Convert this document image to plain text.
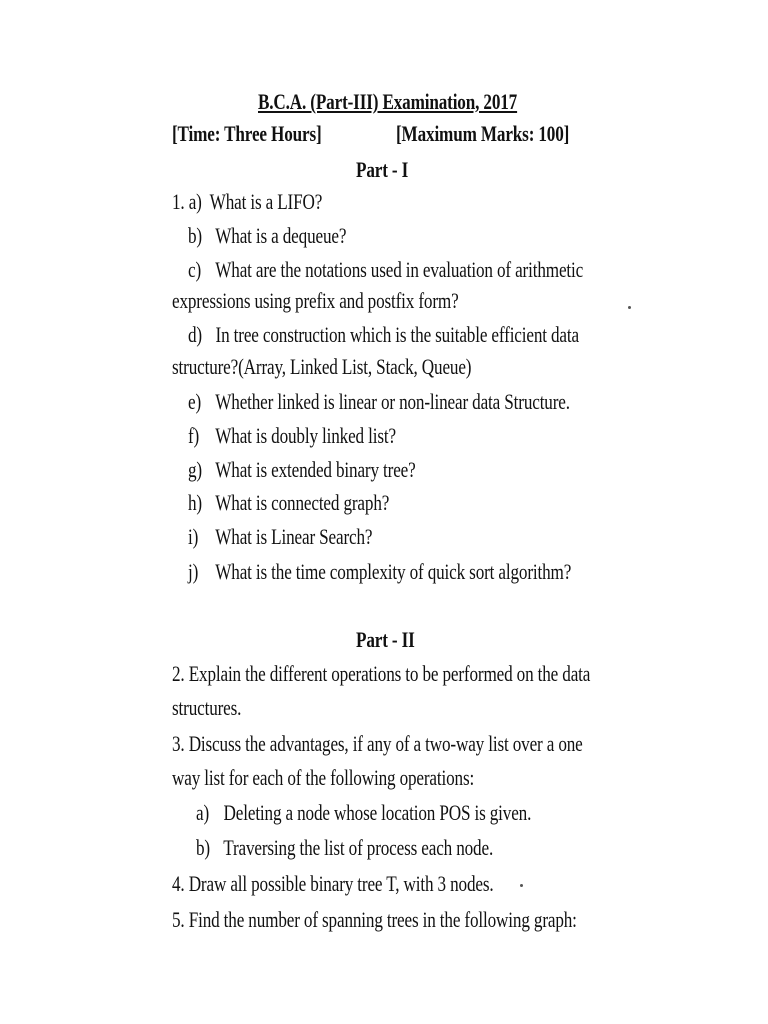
B.C.A. (Part-III) Examination, 2017
[Time: Three Hours]	[Maximum Marks: 100]
Part - I
1. a) What is a LIFO?
b) What is a dequeue?
c) What are the notations used in evaluation of arithmetic
expressions using prefix and postfix form?
d) In tree construction which is the suitable efficient data
structure?(Array, Linked List, Stack, Queue)
e) Whether linked is linear or non-linear data Structure.
f) What is doubly linked list?
g) What is extended binary tree?
h) What is connected graph?
i) What is Linear Search?
j) What is the time complexity of quick sort algorithm?
Part - II
2. Explain the different operations to be performed on the data
structures.
3. Discuss the advantages, if any of a two-way list over a one
way list for each of the following operations:
a) Deleting a node whose location POS is given.
b) Traversing the list of process each node.
4. Draw all possible binary tree T, with 3 nodes.
5. Find the number of spanning trees in the following graph:
